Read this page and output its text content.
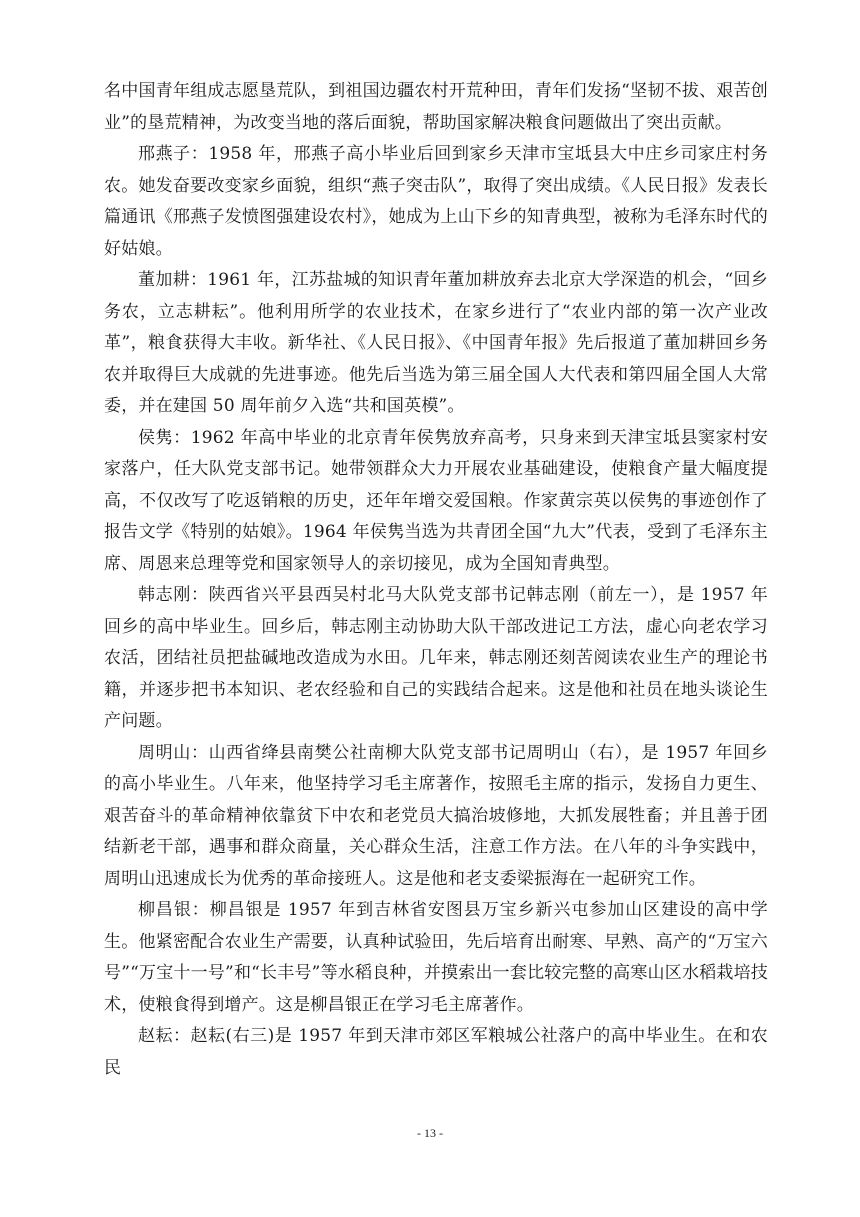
名中国青年组成志愿垦荒队，到祖国边疆农村开荒种田，青年们发扬“坚韧不拔、艰苦创业”的垦荒精神，为改变当地的落后面貌，帮助国家解决粮食问题做出了突出贡献。

邢燕子：1958 年，邢燕子高小毕业后回到家乡天津市宝坻县大中庄乡司家庄村务农。她发奋要改变家乡面貌，组织“燕子突击队”，取得了突出成绩。《人民日报》发表长篇通讯《邢燕子发愤图强建设农村》，她成为上山下乡的知青典型，被称为毛泽东时代的好姑娘。

董加耕：1961 年，江苏盐城的知识青年董加耕放弃去北京大学深造的机会，“回乡务农，立志耕耘”。他利用所学的农业技术，在家乡进行了“农业内部的第一次产业改革”，粮食获得大丰收。新华社、《人民日报》、《中国青年报》先后报道了董加耕回乡务农并取得巨大成就的先进事迹。他先后当选为第三届全国人大代表和第四届全国人大常委，并在建国 50 周年前夕入选“共和国英模”。

侯隽：1962 年高中毕业的北京青年侯隽放弃高考，只身来到天津宝坻县窦家村安家落户，任大队党支部书记。她带领群众大力开展农业基础建设，使粮食产量大幅度提高，不仅改写了吃返销粮的历史，还年年增交爱国粮。作家黄宗英以侯隽的事迹创作了报告文学《特别的姑娘》。1964 年侯隽当选为共青团全国“九大”代表，受到了毛泽东主席、周恩来总理等党和国家领导人的亲切接见，成为全国知青典型。

韩志刚：陕西省兴平县西吴村北马大队党支部书记韩志刚（前左一），是 1957 年回乡的高中毕业生。回乡后，韩志刚主动协助大队干部改进记工方法，虚心向老农学习农活，团结社员把盐碱地改造成为水田。几年来，韩志刚还刻苦阅读农业生产的理论书籍，并逐步把书本知识、老农经验和自己的实践结合起来。这是他和社员在地头谈论生产问题。

周明山：山西省绛县南樊公社南柳大队党支部书记周明山（右），是 1957 年回乡的高小毕业生。八年来，他坚持学习毛主席著作，按照毛主席的指示，发扬自力更生、艰苦奋斗的革命精神依靠贫下中农和老党员大搞治坡修地，大抓发展牲畜；并且善于团结新老干部，遇事和群众商量，关心群众生活，注意工作方法。在八年的斗争实践中，周明山迅速成长为优秀的革命接班人。这是他和老支委梁振海在一起研究工作。

柳昌银：柳昌银是 1957 年到吉林省安图县万宝乡新兴屯参加山区建设的高中学生。他紧密配合农业生产需要，认真种试验田，先后培育出耐寒、早熟、高产的“万宝六号”“万宝十一号”和“长丰号”等水稻良种，并摸索出一套比较完整的高寒山区水稻栽培技术，使粮食得到增产。这是柳昌银正在学习毛主席著作。

赵耘：赵耘(右三)是 1957 年到天津市郊区军粮城公社落户的高中毕业生。在和农民

- 13 -
